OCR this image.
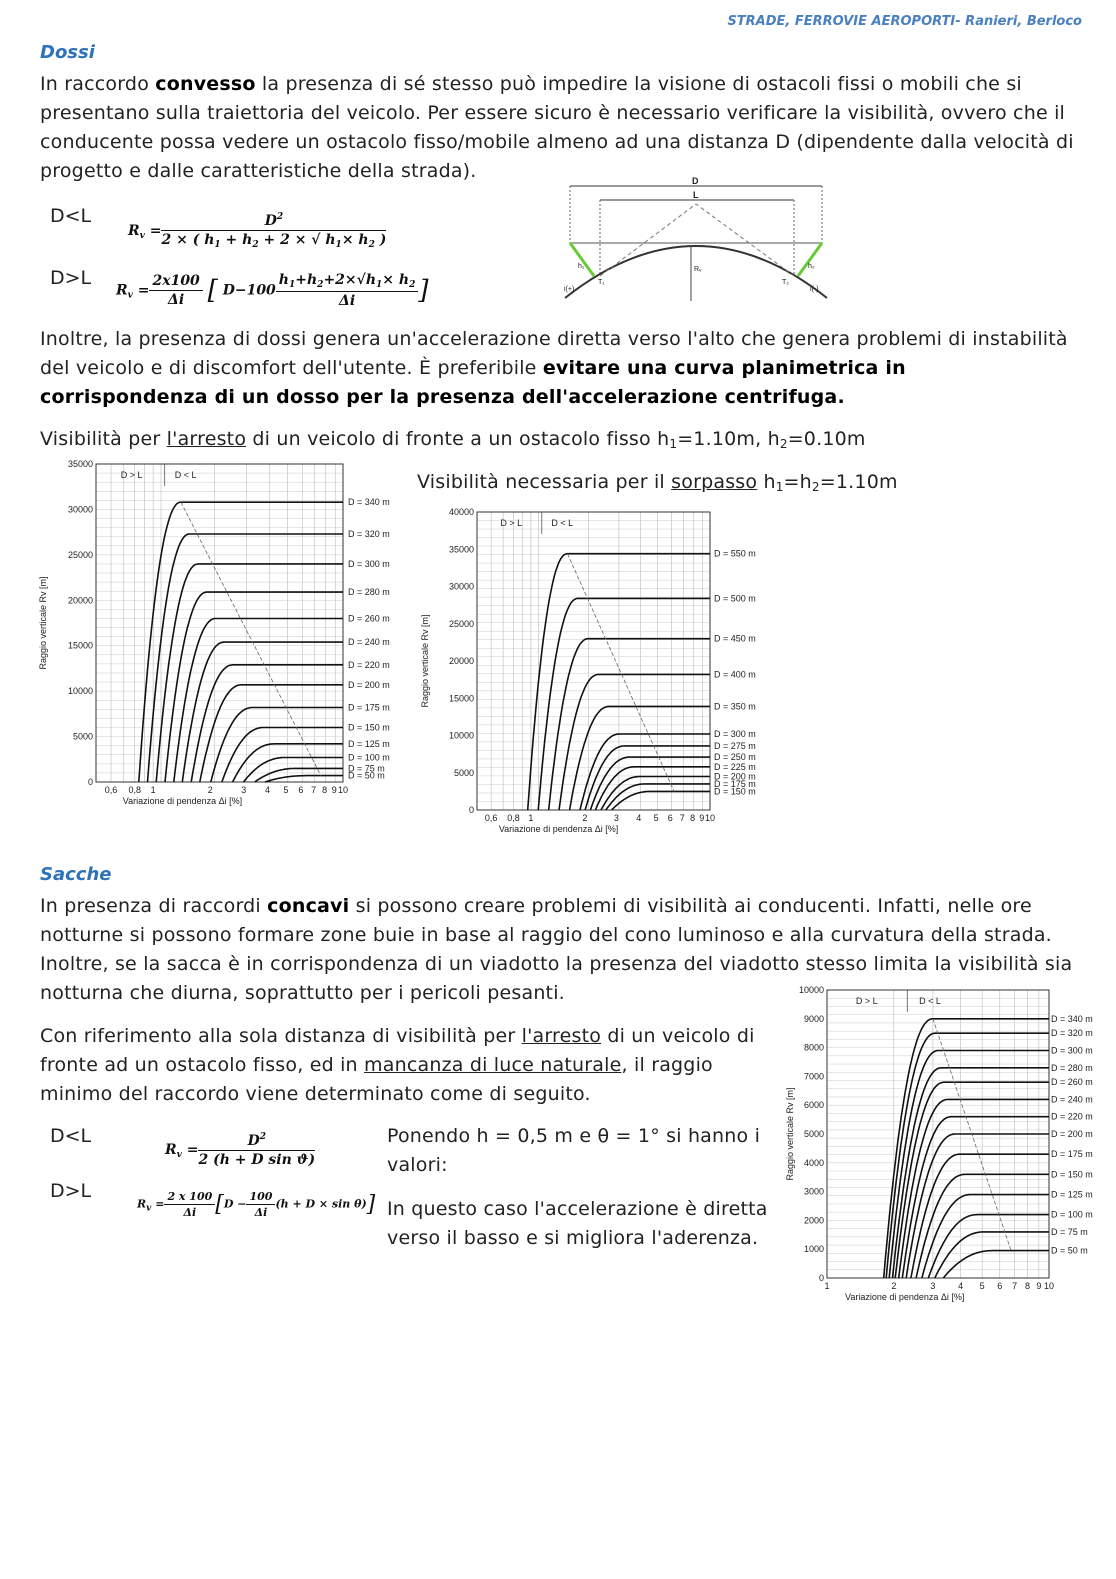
STRADE, FERROVIE AEROPORTI- Ranieri, Berloco
Dossi
In raccordo convesso la presenza di sé stesso può impedire la visione di ostacoli fissi o mobili che si presentano sulla traiettoria del veicolo. Per essere sicuro è necessario verificare la visibilità, ovvero che il conducente possa vedere un ostacolo fisso/mobile almeno ad una distanza D (dipendente dalla velocità di progetto e dalle caratteristiche della strada).
D<L
D>L
$R_v = \frac{D^2}{2 \times ( h_1 + h_2 + 2 \times √ h_1\times h_2 )}$
$R_v = \frac{2x100}{\Delta i}$ [ $D-100 \frac{h_1+h_2+2\times√h_1\times h_2}{\Delta i}$ ]
D
L
Rᵥ
h₁	h₂
T₁	T₂
i(+)	i(-)
Inoltre, la presenza di dossi genera un'accelerazione diretta verso l'alto che genera problemi di instabilità del veicolo e di discomfort dell'utente. È preferibile evitare una curva planimetrica in corrispondenza di un dosso per la presenza dell'accelerazione centrifuga.
Visibilità per l'arresto di un veicolo di fronte a un ostacolo fisso $h_1=1.10m$, $h_2=0.10m$
Visibilità necessaria per il sorpasso $h_1=h_2=1.10m$
0
5000
10000
15000
20000
25000
30000
35000
0,6 0,8 1	2	3 4 5 6 7 8 9 10
Variazione di pendenza Δi [%]
Raggio verticale Rv [m]
D > L	D < L
D = 340 m
D = 320 m
D = 300 m
D = 280 m
D = 260 m
D = 240 m
D = 220 m
D = 200 m
D = 175 m
D = 150 m
D = 125 m
D = 100 m
D = 75 m
D = 50 m
0
5000
10000
15000
20000
25000
30000
35000
40000
0,6 0,8 1	2	3 4 5 6 7 8 9 10
Variazione di pendenza Δi [%]
Raggio verticale Rv [m]
D > L	D < L
D = 550 m
D = 500 m
D = 450 m
D = 400 m
D = 350 m
D = 300 m
D = 275 m
D = 250 m
D = 225 m
D = 200 m
D = 175 m
D = 150 m
Sacche
In presenza di raccordi concavi si possono creare problemi di visibilità ai conducenti. Infatti, nelle ore notturne si possono formare zone buie in base al raggio del cono luminoso e alla curvatura della strada. Inoltre, se la sacca è in corrispondenza di un viadotto la presenza del viadotto stesso limita la visibilità sia notturna che diurna, soprattutto per i pericoli pesanti.
Con riferimento alla sola distanza di visibilità per l'arresto di un veicolo di fronte ad un ostacolo fisso, ed in mancanza di luce naturale, il raggio minimo del raccordo viene determinato come di seguito.
D<L
D>L
$R_v = \frac{D^2}{\text{2 (h + D sin ϑ)}}$
$R_v = \frac{2 x 100}{\Delta i} [D - \frac{100}{\Delta i} (h + D \times \sin \theta)]$
Ponendo h = 0,5 m e θ = 1° si hanno i valori:
In questo caso l'accelerazione è diretta verso il basso e si migliora l'aderenza.
0
1000
2000
3000
4000
5000
6000
7000
8000
9000
10000
1	2	3	4 5 6 7 8 9 10
Variazione di pendenza Δi [%]
Raggio verticale Rv [m]
D > L	D < L
D = 340 m
D = 320 m
D = 300 m
D = 280 m
D = 260 m
D = 240 m
D = 220 m
D = 200 m
D = 175 m
D = 150 m
D = 125 m
D = 100 m
D = 75 m
D = 50 m
